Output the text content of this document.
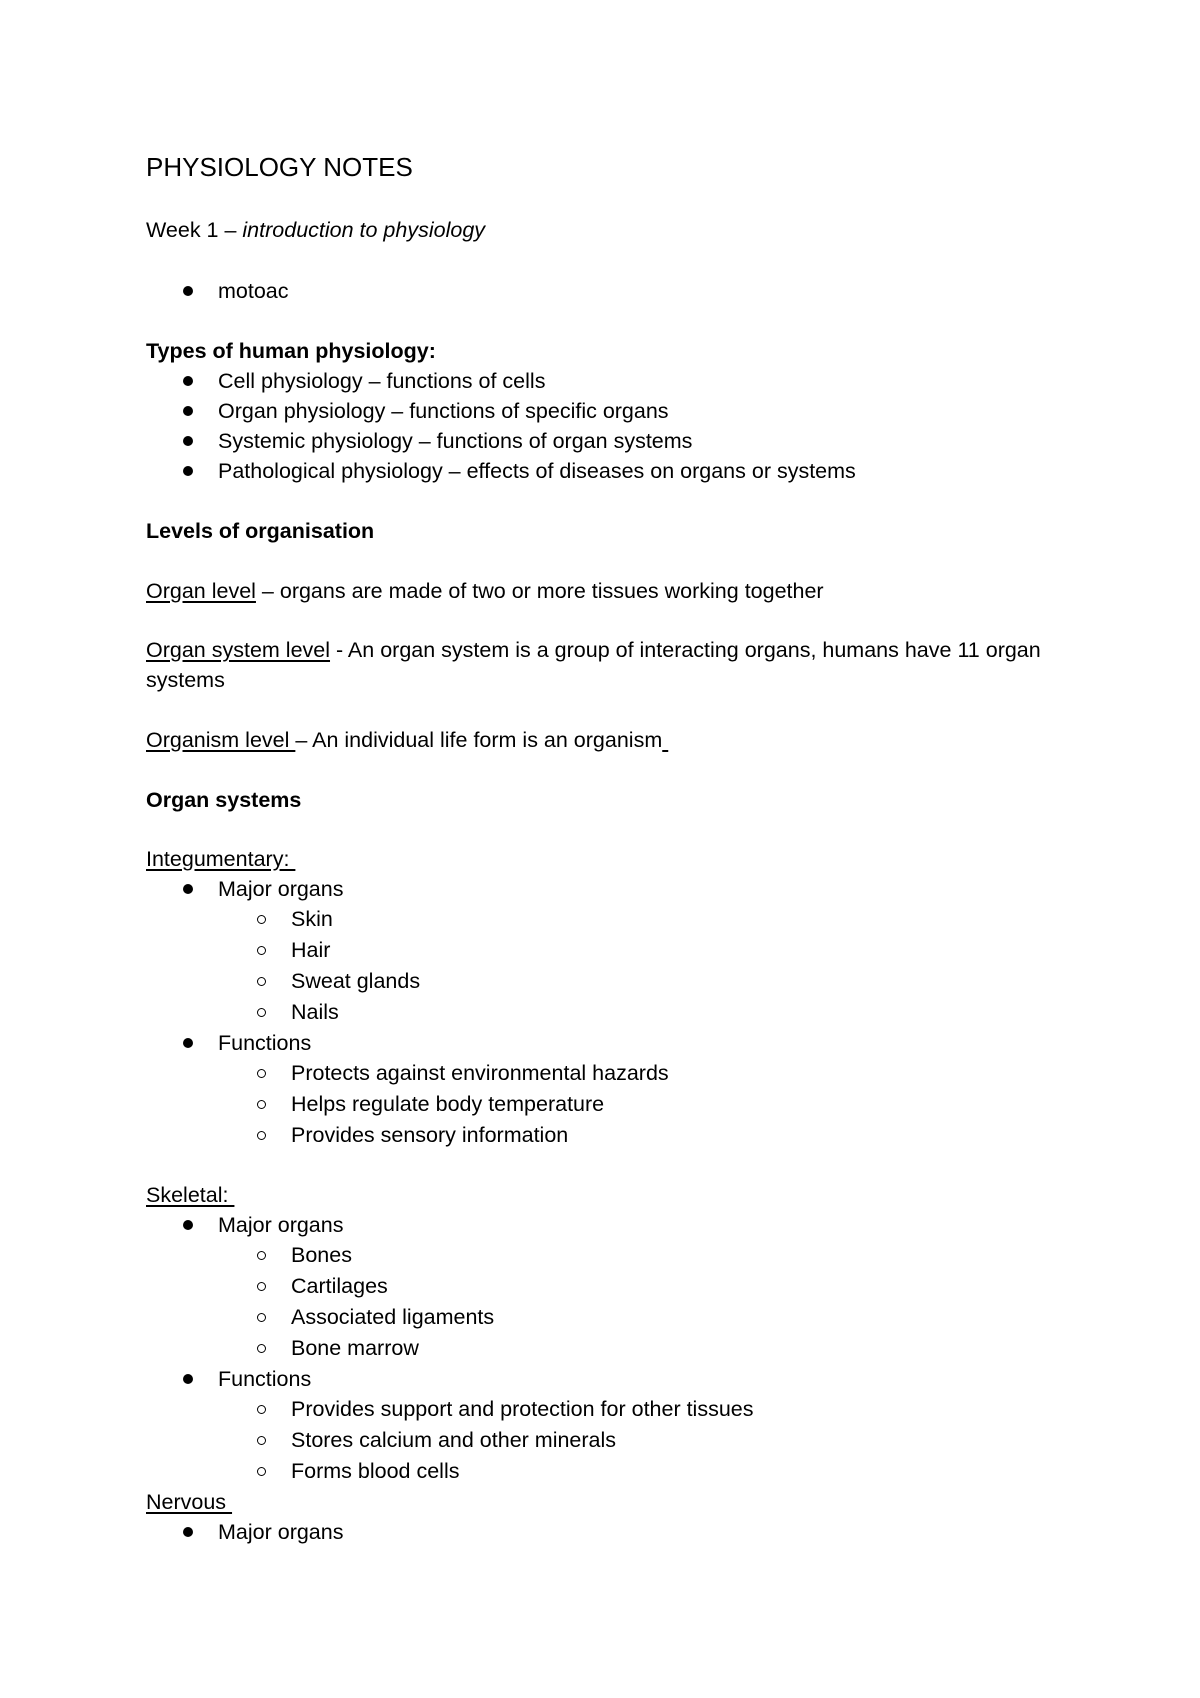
PHYSIOLOGY NOTES
Week 1 – introduction to physiology
motoac
Types of human physiology:
Cell physiology – functions of cells
Organ physiology – functions of specific organs
Systemic physiology – functions of organ systems
Pathological physiology – effects of diseases on organs or systems
Levels of organisation
Organ level – organs are made of two or more tissues working together
Organ system level - An organ system is a group of interacting organs, humans have 11 organ
systems
Organism level – An individual life form is an organism
Organ systems
Integumentary:
Major organs
Skin
Hair
Sweat glands
Nails
Functions
Protects against environmental hazards
Helps regulate body temperature
Provides sensory information
Skeletal:
Major organs
Bones
Cartilages
Associated ligaments
Bone marrow
Functions
Provides support and protection for other tissues
Stores calcium and other minerals
Forms blood cells
Nervous
Major organs
